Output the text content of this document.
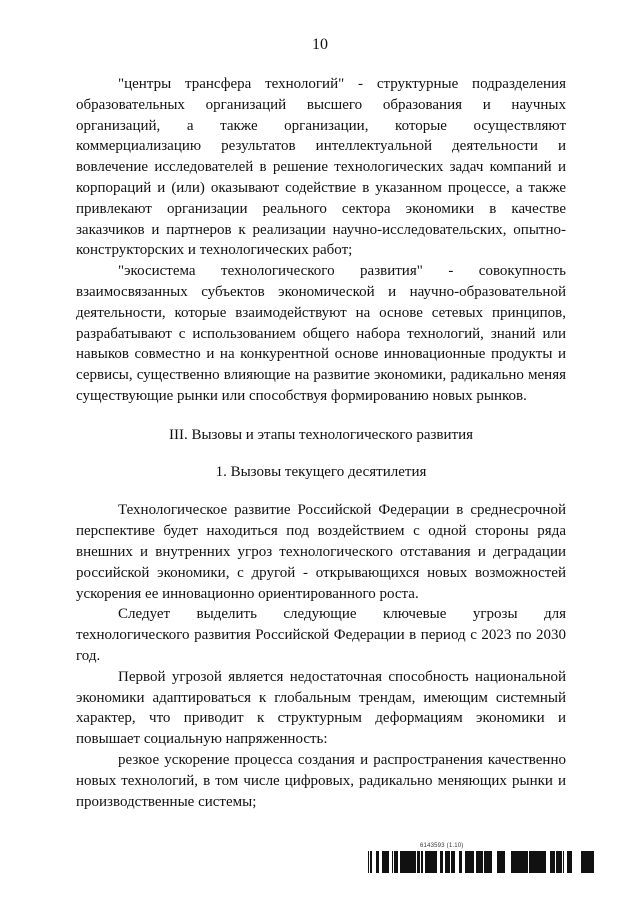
10

"центры трансфера технологий" - структурные подразделения образовательных организаций высшего образования и научных организаций, а также организации, которые осуществляют коммерциализацию результатов интеллектуальной деятельности и вовлечение исследователей в решение технологических задач компаний и корпораций и (или) оказывают содействие в указанном процессе, а также привлекают организации реального сектора экономики в качестве заказчиков и партнеров к реализации научно-исследовательских, опытно-конструкторских и технологических работ;

"экосистема технологического развития" - совокупность взаимосвязанных субъектов экономической и научно-образовательной деятельности, которые взаимодействуют на основе сетевых принципов, разрабатывают с использованием общего набора технологий, знаний или навыков совместно и на конкурентной основе инновационные продукты и сервисы, существенно влияющие на развитие экономики, радикально меняя существующие рынки или способствуя формированию новых рынков.

III. Вызовы и этапы технологического развития
1. Вызовы текущего десятилетия

Технологическое развитие Российской Федерации в среднесрочной перспективе будет находиться под воздействием с одной стороны ряда внешних и внутренних угроз технологического отставания и деградации российской экономики, с другой - открывающихся новых возможностей ускорения ее инновационно ориентированного роста.

Следует выделить следующие ключевые угрозы для технологического развития Российской Федерации в период с 2023 по 2030 год.

Первой угрозой является недостаточная способность национальной экономики адаптироваться к глобальным трендам, имеющим системный характер, что приводит к структурным деформациям экономики и повышает социальную напряженность:

резкое ускорение процесса создания и распространения качественно новых технологий, в том числе цифровых, радикально меняющих рынки и производственные системы;

6143593 (1.10)
